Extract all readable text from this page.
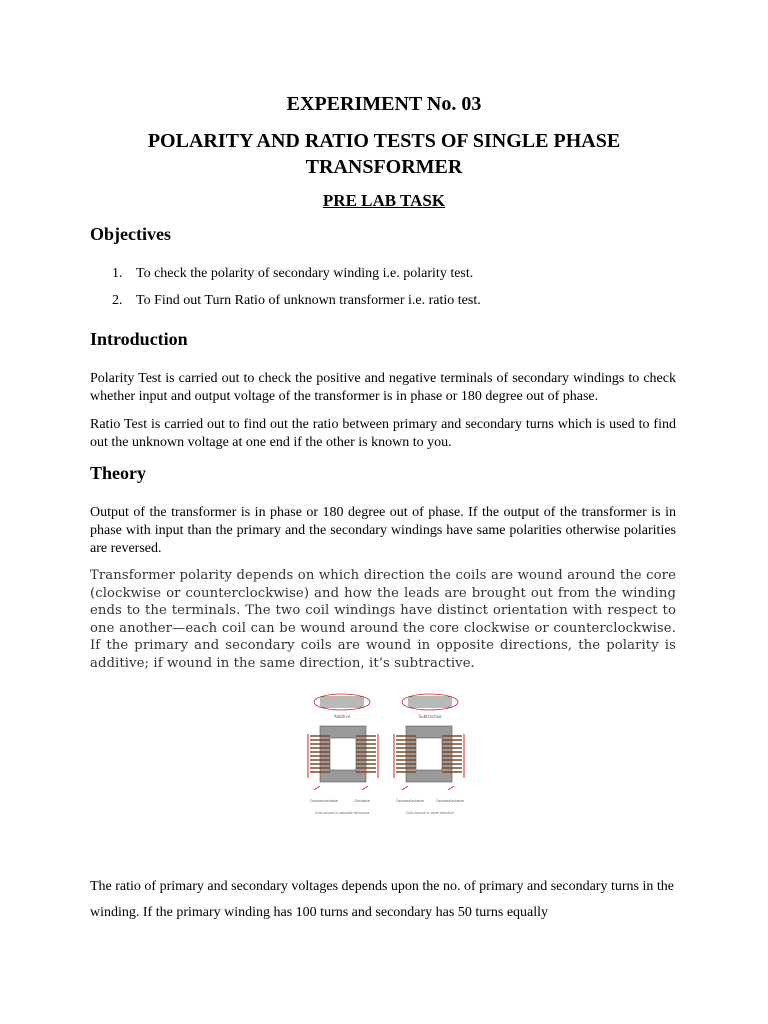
EXPERIMENT No. 03
POLARITY AND RATIO TESTS OF SINGLE PHASE TRANSFORMER
PRE LAB TASK
Objectives
1. To check the polarity of secondary winding i.e. polarity test.
2. To Find out Turn Ratio of unknown transformer i.e. ratio test.
Introduction

Polarity Test is carried out to check the positive and negative terminals of secondary windings to check whether input and output voltage of the transformer is in phase or 180 degree out of phase.

Ratio Test is carried out to find out the ratio between primary and secondary turns which is used to find out the unknown voltage at one end if the other is known to you.

Theory

Output of the transformer is in phase or 180 degree out of phase. If the output of the transformer is in phase with input than the primary and the secondary windings have same polarities otherwise polarities are reversed.

Transformer polarity depends on which direction the coils are wound around the core (clockwise or counterclockwise) and how the leads are brought out from the winding ends to the terminals. The two coil windings have distinct orientation with respect to one another—each coil can be wound around the core clockwise or counterclockwise. If the primary and secondary coils are wound in opposite directions, the polarity is additive; if wound in the same direction, it’s subtractive.

Additive
Counterclockwise	Clockwise
Coils wound in opposite directions
Subtractive
Counterclockwise	Counterclockwise
Coils wound in same direction

The ratio of primary and secondary voltages depends upon the no. of primary and secondary turns in the winding. If the primary winding has 100 turns and secondary has 50 turns equally
